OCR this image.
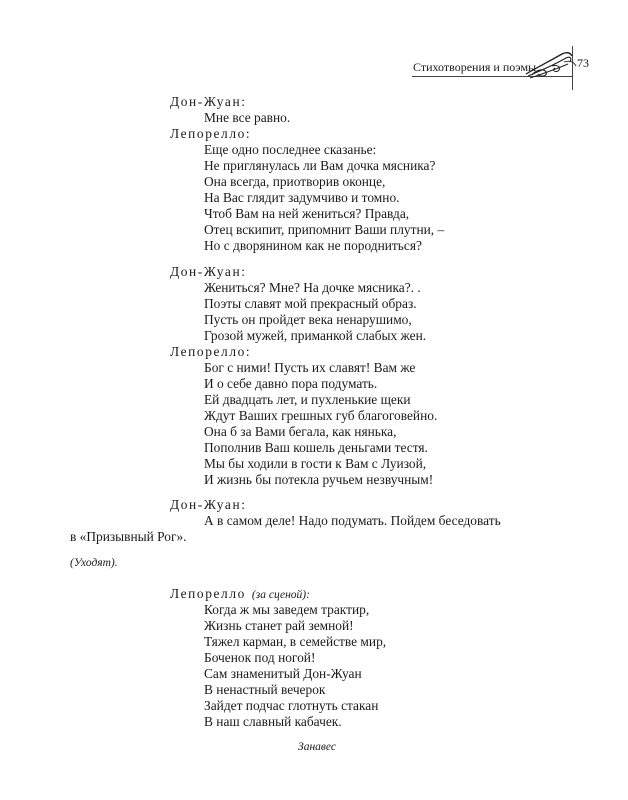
Стихотворения и поэмы	73
Дон-Жуан:
Мне все равно.
Лепорелло:
Еще одно последнее сказанье:
Не приглянулась ли Вам дочка мясника?
Она всегда, приотворив оконце,
На Вас глядит задумчиво и томно.
Чтоб Вам на ней жениться? Правда,
Отец вскипит, припомнит Ваши плутни, –
Но с дворянином как не породниться?
Дон-Жуан:
Жениться? Мне? На дочке мясника?. .
Поэты славят мой прекрасный образ.
Пусть он пройдет века ненарушимо,
Грозой мужей, приманкой слабых жен.
Лепорелло:
Бог с ними! Пусть их славят! Вам же
И о себе давно пора подумать.
Ей двадцать лет, и пухленькие щеки
Ждут Ваших грешных губ благоговейно.
Она б за Вами бегала, как нянька,
Пополнив Ваш кошель деньгами тестя.
Мы бы ходили в гости к Вам с Луизой,
И жизнь бы потекла ручьем незвучным!
Дон-Жуан:
А в самом деле! Надо подумать. Пойдем беседовать
в «Призывный Рог».
(Уходят).
Лепорелло (за сценой):
Когда ж мы заведем трактир,
Жизнь станет рай земной!
Тяжел карман, в семействе мир,
Боченок под ногой!
Сам знаменитый Дон-Жуан
В ненастный вечерок
Зайдет подчас глотнуть стакан
В наш славный кабачек.
Занавес
